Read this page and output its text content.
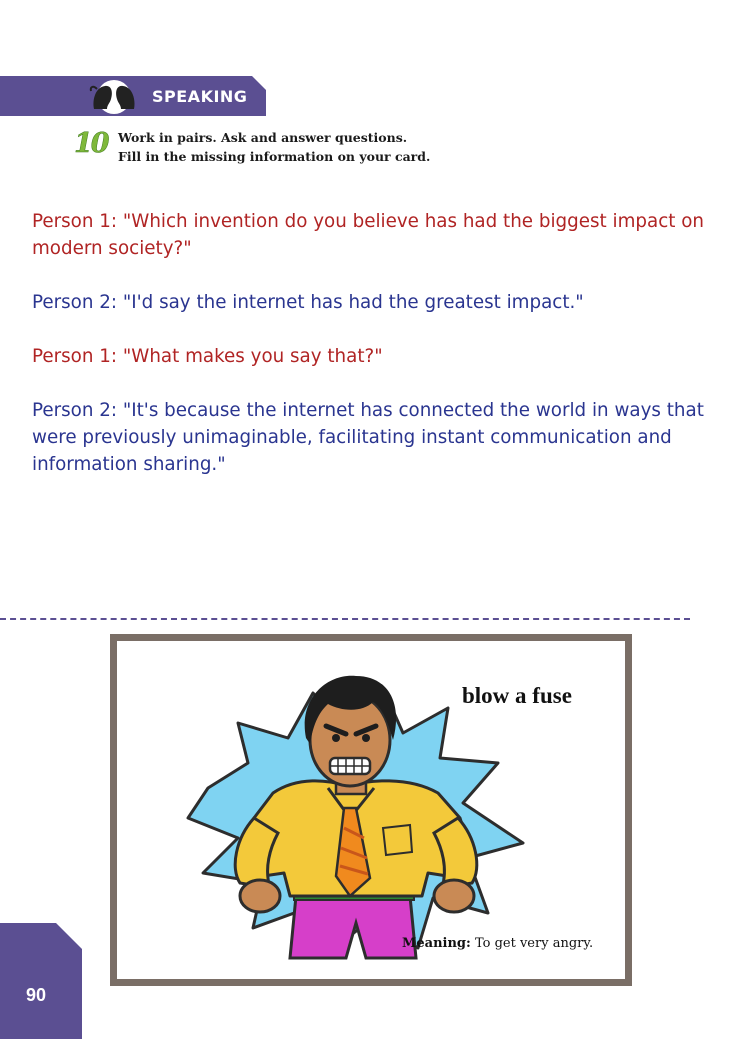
SPEAKING
10 Work in pairs. Ask and answer questions.
Fill in the missing information on your card.

Person 1: "Which invention do you believe has had the biggest impact on modern society?"

Person 2: "I'd say the internet has had the greatest impact."

Person 1: "What makes you say that?"

Person 2: "It's because the internet has connected the world in ways that were previously unimaginable, facilitating instant communication and information sharing."

blow a fuse
Meaning: To get very angry.
90
